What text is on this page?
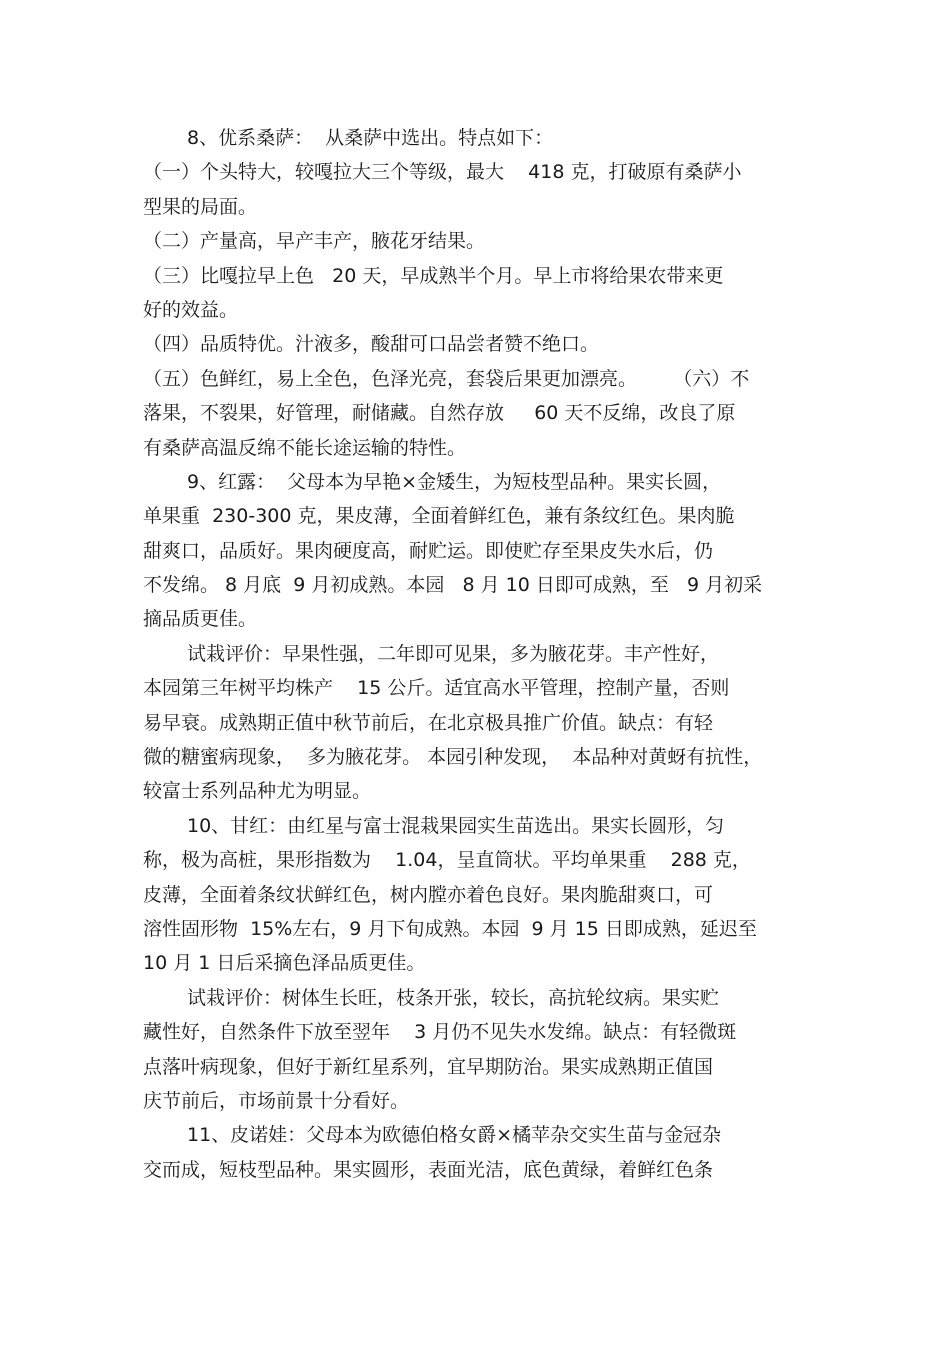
8、优系桑萨：  从桑萨中选出。特点如下：
（一）个头特大，较嘎拉大三个等级，最大    418 克，打破原有桑萨小
型果的局面。
（二）产量高，早产丰产，腋花牙结果。
（三）比嘎拉早上色   20 天，早成熟半个月。早上市将给果农带来更
好的效益。
（四）品质特优。汁液多，酸甜可口品尝者赞不绝口。
（五）色鲜红，易上全色，色泽光亮，套袋后果更加漂亮。      （六）不
落果，不裂果，好管理，耐储藏。自然存放     60 天不反绵，改良了原
有桑萨高温反绵不能长途运输的特性。
9、红露：  父母本为早艳×金矮生，为短枝型品种。果实长圆，
单果重  230-300 克，果皮薄，全面着鲜红色，兼有条纹红色。果肉脆
甜爽口，品质好。果肉硬度高，耐贮运。即使贮存至果皮失水后，仍
不发绵。 8 月底  9 月初成熟。本园   8 月 10 日即可成熟，至   9 月初采
摘品质更佳。
试栽评价：早果性强，二年即可见果，多为腋花芽。丰产性好，
本园第三年树平均株产    15 公斤。适宜高水平管理，控制产量，否则
易早衰。成熟期正值中秋节前后，在北京极具推广价值。缺点：有轻
微的糖蜜病现象，  多为腋花芽。 本园引种发现，  本品种对黄蚜有抗性，
较富士系列品种尤为明显。
10、甘红：由红星与富士混栽果园实生苗选出。果实长圆形，匀
称，极为高桩，果形指数为    1.04，呈直筒状。平均单果重    288 克，
皮薄，全面着条纹状鲜红色，树内膛亦着色良好。果肉脆甜爽口，可
溶性固形物  15%左右，9 月下旬成熟。本园  9 月 15 日即成熟，延迟至
10 月 1 日后采摘色泽品质更佳。
试栽评价：树体生长旺，枝条开张，较长，高抗轮纹病。果实贮
藏性好，自然条件下放至翌年    3 月仍不见失水发绵。缺点：有轻微斑
点落叶病现象，但好于新红星系列，宜早期防治。果实成熟期正值国
庆节前后，市场前景十分看好。
11、皮诺娃：父母本为欧德伯格女爵×橘苹杂交实生苗与金冠杂
交而成，短枝型品种。果实圆形，表面光洁，底色黄绿，着鲜红色条
